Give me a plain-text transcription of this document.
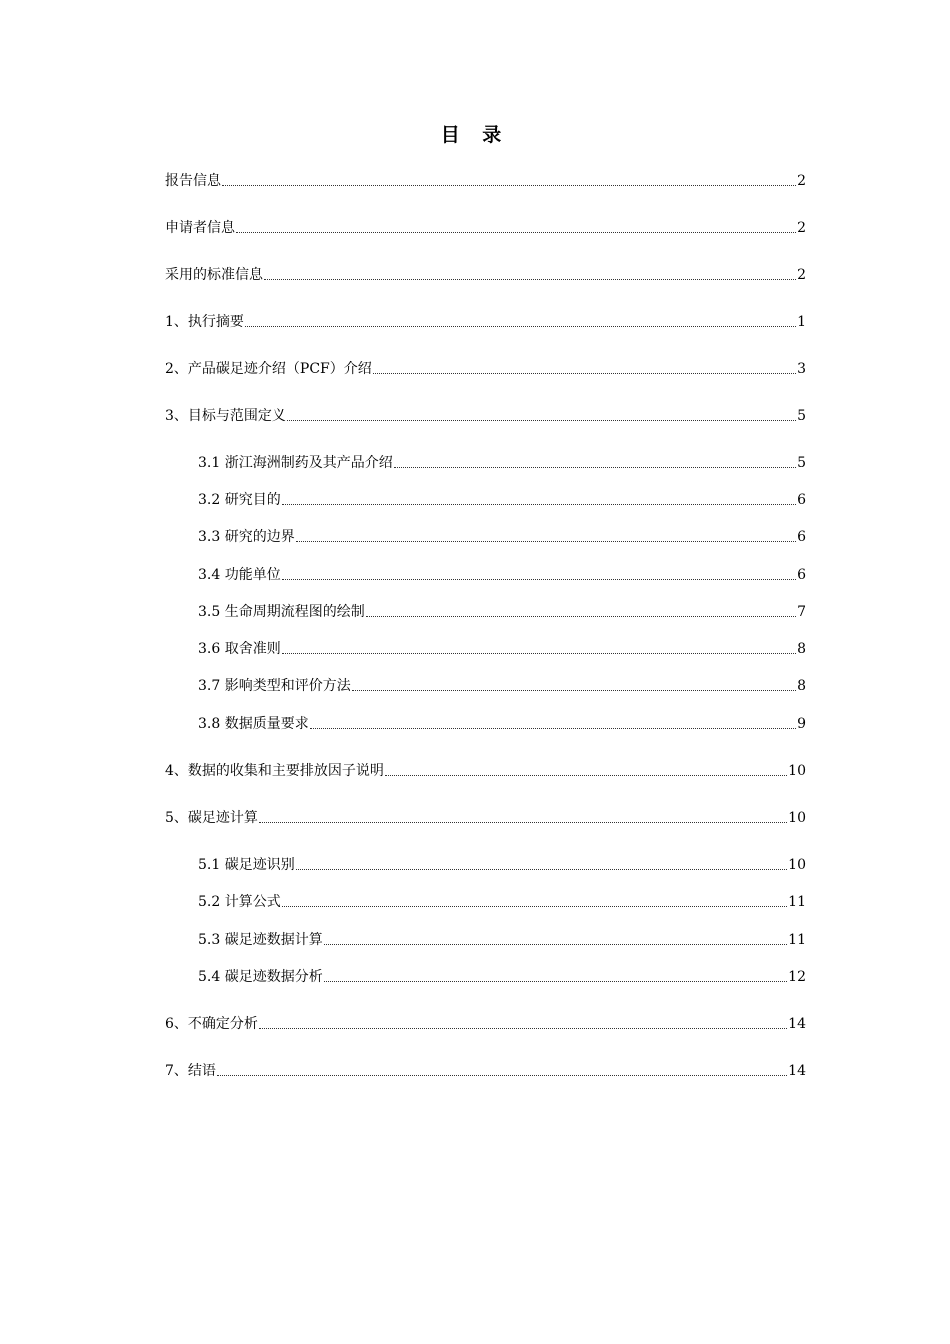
目 录
报告信息	2
申请者信息	2
采用的标准信息	2
1、执行摘要	1
2、产品碳足迹介绍（PCF）介绍	3
3、目标与范围定义	5
3.1 浙江海洲制药及其产品介绍	5
3.2 研究目的	6
3.3 研究的边界	6
3.4 功能单位	6
3.5 生命周期流程图的绘制	7
3.6 取舍准则	8
3.7 影响类型和评价方法	8
3.8 数据质量要求	9
4、数据的收集和主要排放因子说明	10
5、碳足迹计算	10
5.1 碳足迹识别	10
5.2 计算公式	11
5.3 碳足迹数据计算	11
5.4 碳足迹数据分析	12
6、不确定分析	14
7、结语	14
